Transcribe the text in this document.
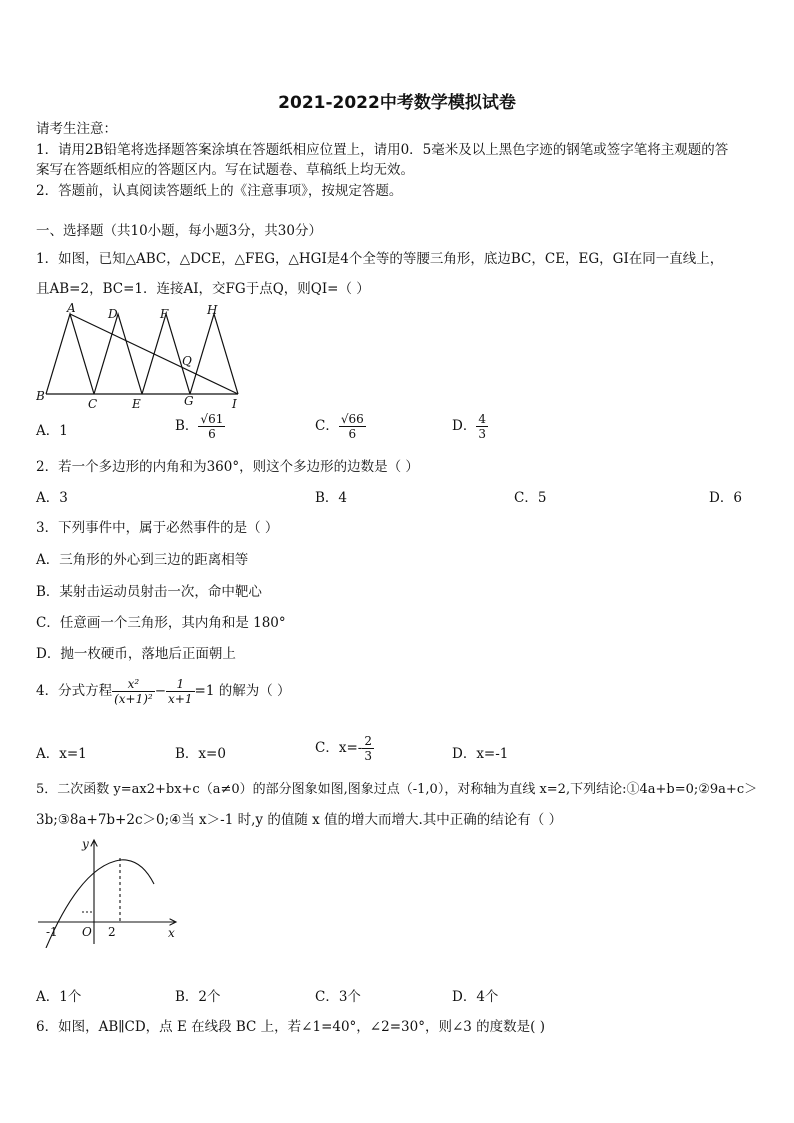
2021-2022中考数学模拟试卷
请考生注意：
1．请用2B铅笔将选择题答案涂填在答题纸相应位置上，请用0．5毫米及以上黑色字迹的钢笔或签字笔将主观题的答
案写在答题纸相应的答题区内。写在试题卷、草稿纸上均无效。
2．答题前，认真阅读答题纸上的《注意事项》，按规定答题。
一、选择题（共10小题，每小题3分，共30分）
1．如图，已知△ABC，△DCE，△FEG，△HGI是4个全等的等腰三角形，底边BC，CE，EG，GI在同一直线上，
且AB=2，BC=1．连接AI，交FG于点Q，则QI=（ ）
A	D	F	H
Q
B
C	E	G	I
A．1	B． $\frac{√61}{6}$	C． $\frac{√66}{6}$	D． $\frac{4}{3}$
2．若一个多边形的内角和为360°，则这个多边形的边数是（ ）
A．3	B．4	C．5	D．6
3．下列事件中，属于必然事件的是（ ）
A．三角形的外心到三边的距离相等
B．某射击运动员射击一次，命中靶心
C．任意画一个三角形，其内角和是 180°
D．抛一枚硬币，落地后正面朝上
4．分式方程 $\frac{\text{x²}}{\text{(x+1)²}} - \frac{1}{x+1} =1$ 的解为（ ）
A．x=1	B．x=0	C．$x=- \frac{2}{3}$	D．x=-1
5．二次函数 y=ax2+bx+c（a≠0）的部分图象如图,图象过点（-1,0），对称轴为直线 x=2,下列结论:①4a+b=0;②9a+c＞
3b;③8a+7b+2c＞0;④当 x＞-1 时,y 的值随 x 值的增大而增大.其中正确的结论有（ ）
y
x
-1 O 2
A．1个	B．2个	C．3个	D．4个
6．如图，AB∥CD，点 E 在线段 BC 上，若∠1=40°，∠2=30°，则∠3 的度数是( )
